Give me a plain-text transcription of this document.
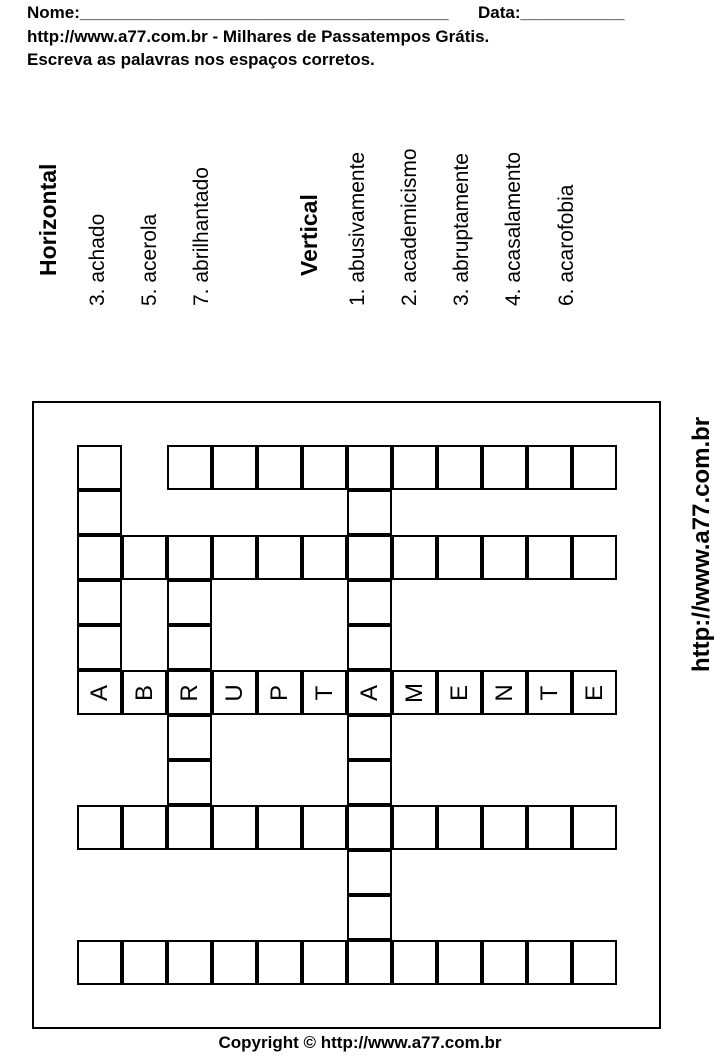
Nome:_______________________________________ Data:___________
http://www.a77.com.br - Milhares de Passatempos Grátis.
Escreva as palavras nos espaços corretos.
Horizontal 3. achado 5. acerola 7. abrilhantado	Vertical 1. abusivamente 2. academicismo 3. abruptamente 4. acasalamento 6. acarofobia
A B R U P T A M E N T E
http://www.a77.com.br
Copyright © http://www.a77.com.br
